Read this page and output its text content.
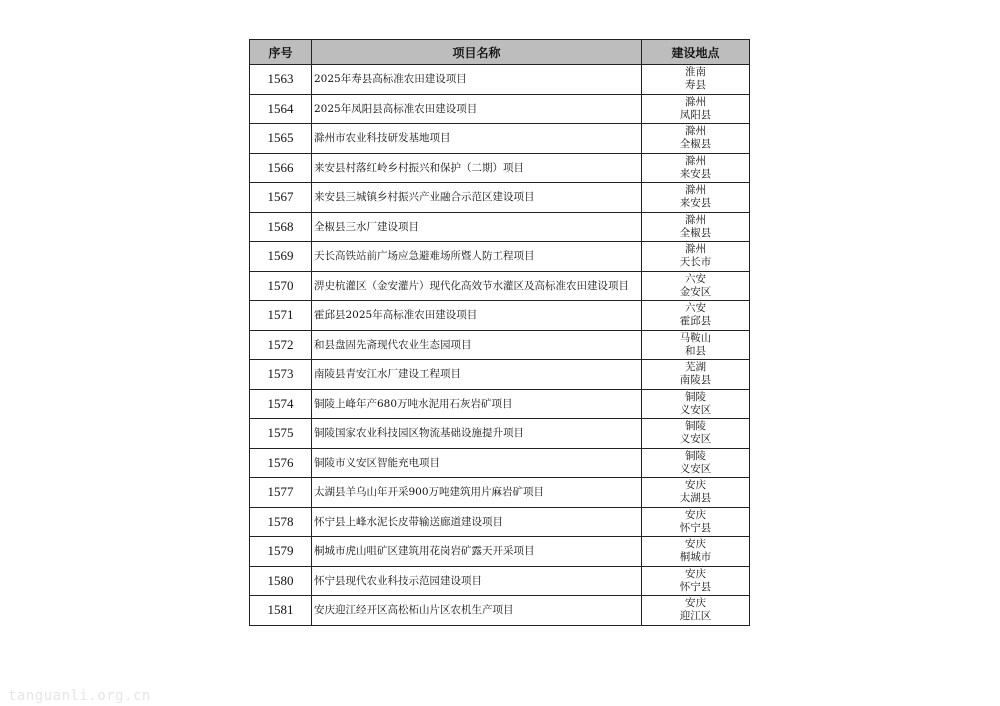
序号	项目名称	建设地点
1563	2025年寿县高标准农田建设项目	淮南
寿县

1564	2025年凤阳县高标准农田建设项目	滁州
凤阳县

1565	滁州市农业科技研发基地项目	滁州
全椒县

1566	来安县村落红岭乡村振兴和保护（二期）项目	滁州
来安县

1567	来安县三城镇乡村振兴产业融合示范区建设项目	滁州
来安县

1568	全椒县三水厂建设项目	滁州
全椒县

1569	天长高铁站前广场应急避难场所暨人防工程项目	滁州
天长市

1570	淠史杭灌区（金安灌片）现代化高效节水灌区及高标准农田建设项目	六安
金安区

1571	霍邱县2025年高标准农田建设项目	六安
霍邱县

1572	和县盘固先斋现代农业生态园项目	马鞍山
和县

1573	南陵县青安江水厂建设工程项目	芜湖
南陵县

1574	铜陵上峰年产680万吨水泥用石灰岩矿项目	铜陵
义安区

1575	铜陵国家农业科技园区物流基础设施提升项目	铜陵
义安区

1576	铜陵市义安区智能充电项目	铜陵
义安区

1577	太湖县羊乌山年开采900万吨建筑用片麻岩矿项目	安庆
太湖县

1578	怀宁县上峰水泥长皮带输送廊道建设项目	安庆
怀宁县

1579	桐城市虎山咀矿区建筑用花岗岩矿露天开采项目	安庆
桐城市

1580	怀宁县现代农业科技示范园建设项目	安庆
怀宁县

1581	安庆迎江经开区高松柘山片区农机生产项目	安庆
迎江区
tanguanli.org.cn
